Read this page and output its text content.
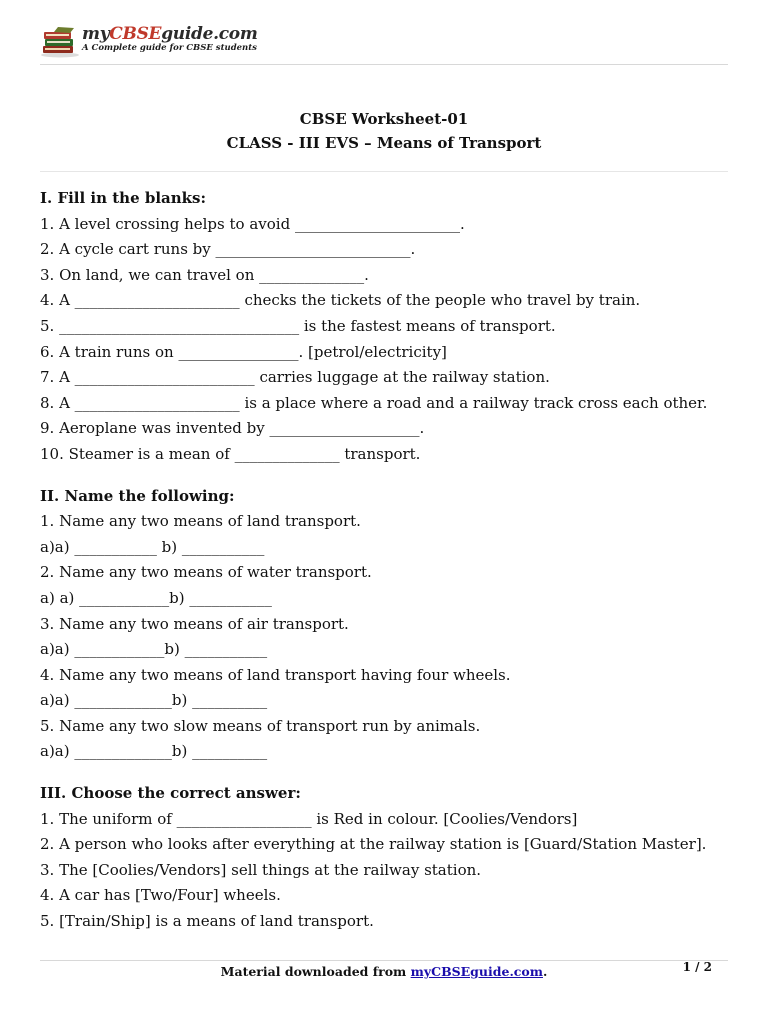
myCBSEguide.com
A Complete guide for CBSE students
CBSE Worksheet-01
CLASS - III EVS – Means of Transport
I. Fill in the blanks:
1. A level crossing helps to avoid ______________________.
2. A cycle cart runs by __________________________.
3. On land, we can travel on ______________.
4. A ______________________ checks the tickets of the people who travel by train.
5. ________________________________ is the fastest means of transport.
6. A train runs on ________________. [petrol/electricity]
7. A ________________________ carries luggage at the railway station.
8. A ______________________ is a place where a road and a railway track cross each other.
9. Aeroplane was invented by ____________________.
10. Steamer is a mean of ______________ transport.
II. Name the following:
1. Name any two means of land transport.
a)a) ___________ b) ___________
2. Name any two means of water transport.
a) a) ____________b) ___________
3. Name any two means of air transport.
a)a) ____________b) ___________
4. Name any two means of land transport having four wheels.
a)a) _____________b) __________
5. Name any two slow means of transport run by animals.
a)a) _____________b) __________
III. Choose the correct answer:
1. The uniform of __________________ is Red in colour. [Coolies/Vendors]
2. A person who looks after everything at the railway station is [Guard/Station Master].
3. The [Coolies/Vendors] sell things at the railway station.
4. A car has [Two/Four] wheels.
5. [Train/Ship] is a means of land transport.
Material downloaded from myCBSEguide.com.	1 / 2
